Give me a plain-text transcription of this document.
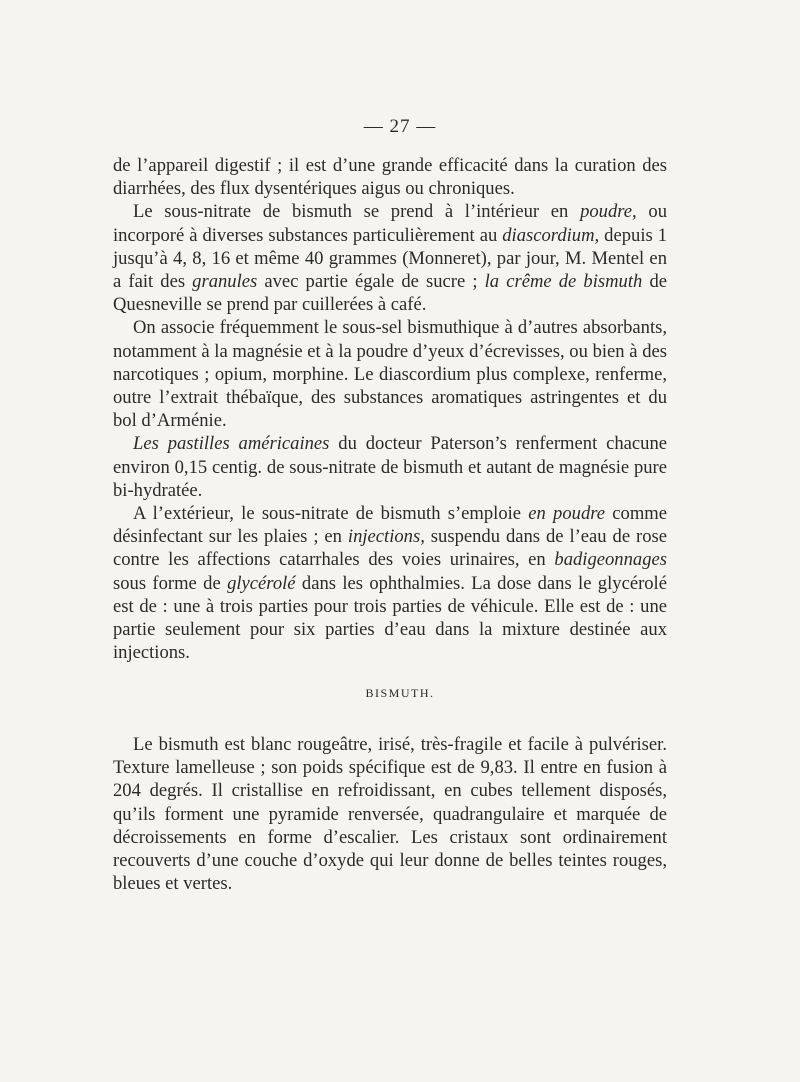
— 27 —

de l’appareil digestif ; il est d’une grande efficacité dans la curation des diarrhées, des flux dysentériques aigus ou chroniques.

Le sous-nitrate de bismuth se prend à l’intérieur en poudre, ou incorporé à diverses substances particulièrement au diascordium, depuis 1 jusqu’à 4, 8, 16 et même 40 grammes (Monneret), par jour, M. Mentel en a fait des granules avec partie égale de sucre ; la crême de bismuth de Quesneville se prend par cuillerées à café.

On associe fréquemment le sous-sel bismuthique à d’autres absorbants, notamment à la magnésie et à la poudre d’yeux d’écrevisses, ou bien à des narcotiques ; opium, morphine. Le diascordium plus complexe, renferme, outre l’extrait thébaïque, des substances aromatiques astringentes et du bol d’Arménie.

Les pastilles américaines du docteur Paterson’s renferment chacune environ 0,15 centig. de sous-nitrate de bismuth et autant de magnésie pure bi-hydratée.

A l’extérieur, le sous-nitrate de bismuth s’emploie en poudre comme désinfectant sur les plaies ; en injections, suspendu dans de l’eau de rose contre les affections catarrhales des voies urinaires, en badigeonnages sous forme de glycérolé dans les ophthalmies. La dose dans le glycérolé est de : une à trois parties pour trois parties de véhicule. Elle est de : une partie seulement pour six parties d’eau dans la mixture destinée aux injections.

BISMUTH.

Le bismuth est blanc rougeâtre, irisé, très-fragile et facile à pulvériser. Texture lamelleuse ; son poids spécifique est de 9,83. Il entre en fusion à 204 degrés. Il cristallise en refroidissant, en cubes tellement disposés, qu’ils forment une pyramide renversée, quadrangulaire et marquée de décroissements en forme d’escalier. Les cristaux sont ordinairement recouverts d’une couche d’oxyde qui leur donne de belles teintes rouges, bleues et vertes.
